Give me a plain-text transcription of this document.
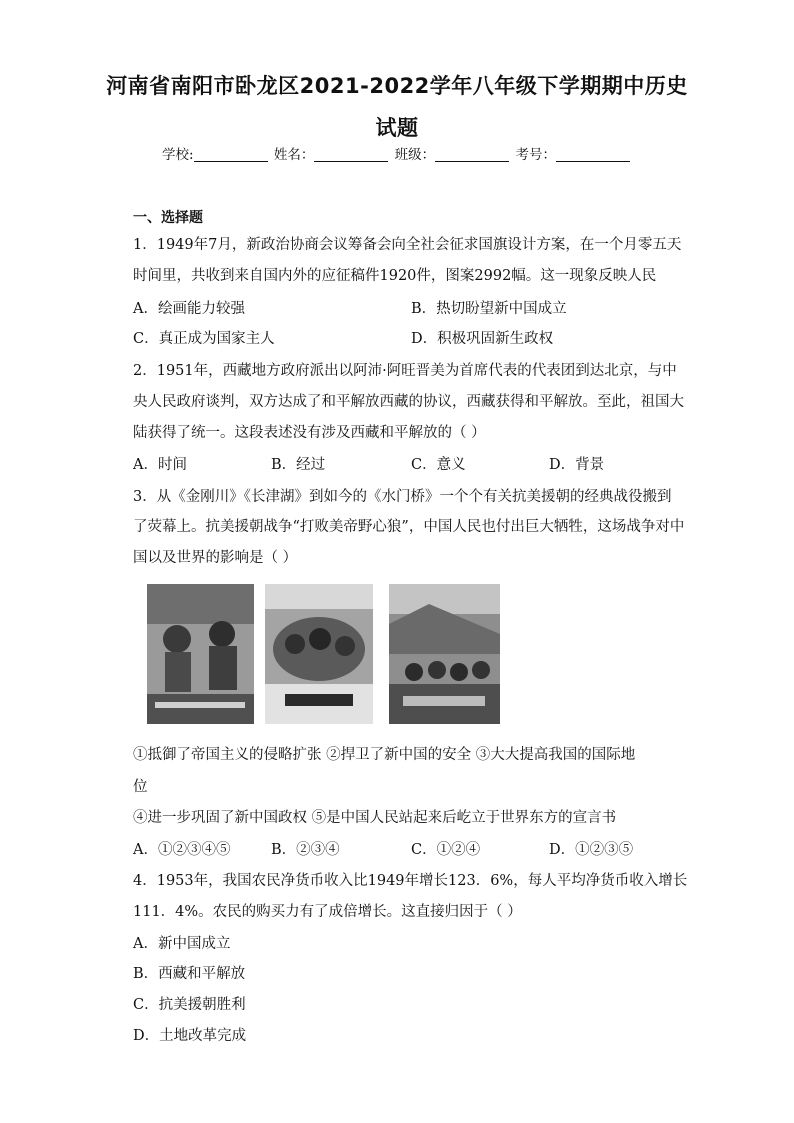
河南省南阳市卧龙区2021-2022学年八年级下学期期中历史
试题
学校:	姓名：	班级：	考号：
一、选择题
1．1949年7月，新政治协商会议筹备会向全社会征求国旗设计方案，在一个月零五天
时间里，共收到来自国内外的应征稿件1920件，图案2992幅。这一现象反映人民
A．绘画能力较强	B．热切盼望新中国成立
C．真正成为国家主人	D．积极巩固新生政权
2．1951年，西藏地方政府派出以阿沛·阿旺晋美为首席代表的代表团到达北京，与中
央人民政府谈判，双方达成了和平解放西藏的协议，西藏获得和平解放。至此，祖国大
陆获得了统一。这段表述没有涉及西藏和平解放的（ ）
A．时间	B．经过	C．意义	D．背景
3．从《金刚川》《长津湖》到如今的《水门桥》一个个有关抗美援朝的经典战役搬到
了荧幕上。抗美援朝战争“打败美帝野心狼”，中国人民也付出巨大牺牲，这场战争对中
国以及世界的影响是（ ）
①抵御了帝国主义的侵略扩张 ②捍卫了新中国的安全 ③大大提高我国的国际地
位
④进一步巩固了新中国政权 ⑤是中国人民站起来后屹立于世界东方的宣言书
A．①②③④⑤	B．②③④	C．①②④	D．①②③⑤
4．1953年，我国农民净货币收入比1949年增长123．6%，每人平均净货币收入增长
111．4%。农民的购买力有了成倍增长。这直接归因于（ ）
A．新中国成立
B．西藏和平解放
C．抗美援朝胜利
D．土地改革完成
